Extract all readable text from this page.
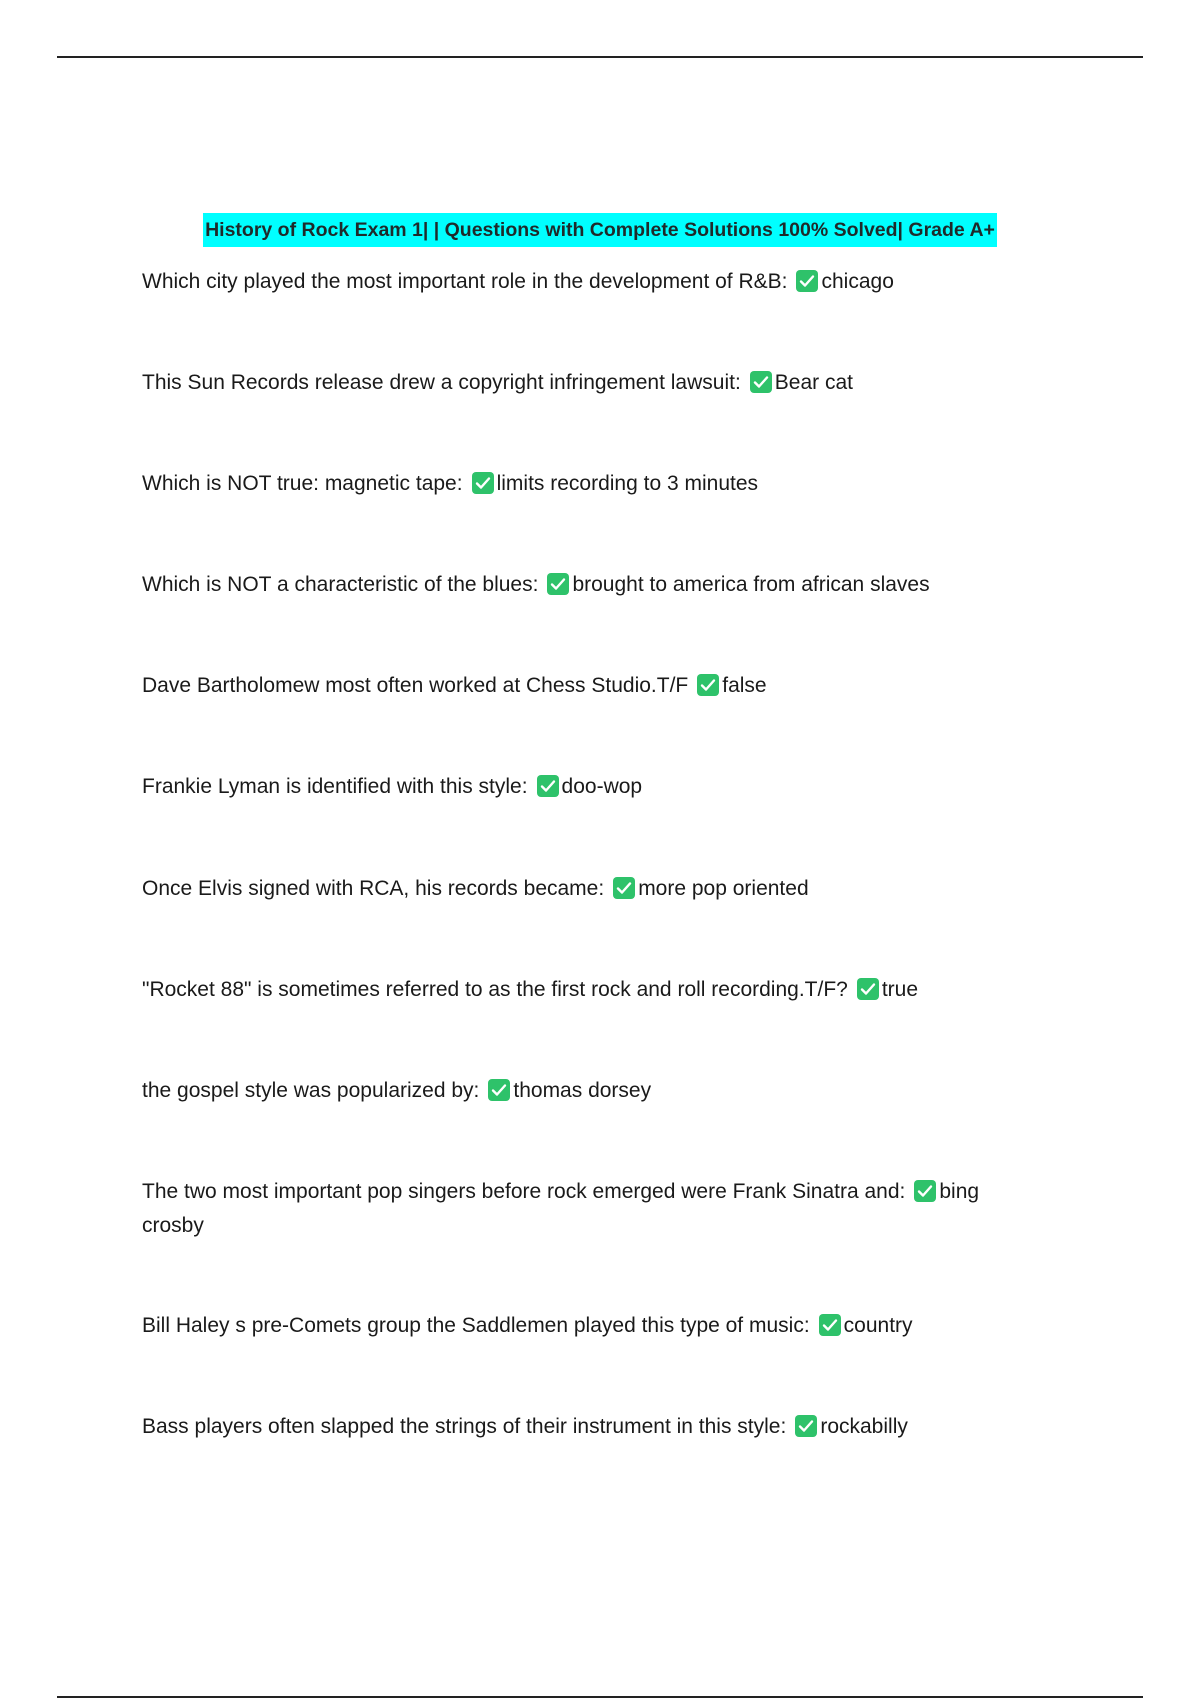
History of Rock Exam 1| | Questions with Complete Solutions 100% Solved| Grade A+
Which city played the most important role in the development of R&B: chicago
This Sun Records release drew a copyright infringement lawsuit: Bear cat
Which is NOT true: magnetic tape: limits recording to 3 minutes
Which is NOT a characteristic of the blues: brought to america from african slaves
Dave Bartholomew most often worked at Chess Studio.T/F false
Frankie Lyman is identified with this style: doo-wop
Once Elvis signed with RCA, his records became: more pop oriented
"Rocket 88" is sometimes referred to as the first rock and roll recording.T/F? true
the gospel style was popularized by: thomas dorsey
The two most important pop singers before rock emerged were Frank Sinatra and: bing crosby
Bill Haley s pre-Comets group the Saddlemen played this type of music: country
Bass players often slapped the strings of their instrument in this style: rockabilly
